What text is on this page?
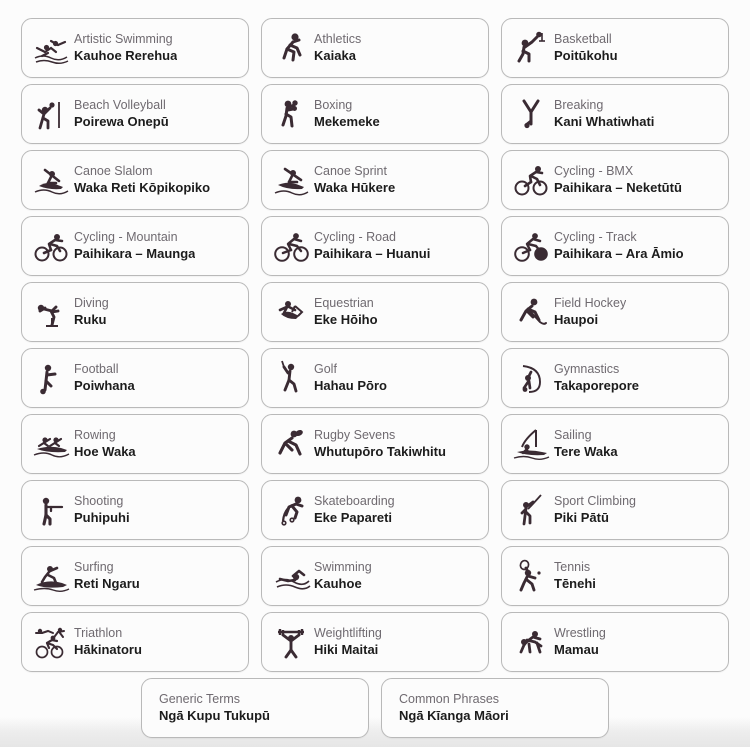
Artistic Swimming
Kauhoe Rerehua
Athletics
Kaiaka
Basketball
Poitūkohu
Beach Volleyball
Poirewa Onepū
Boxing
Mekemeke
Breaking
Kani Whatiwhati
Canoe Slalom
Waka Reti Kōpikopiko
Canoe Sprint
Waka Hūkere
Cycling - BMX
Paihikara – Neketūtū
Cycling - Mountain
Paihikara – Maunga
Cycling - Road
Paihikara – Huanui
Cycling - Track
Paihikara – Ara Āmio
Diving
Ruku
Equestrian
Eke Hōiho
Field Hockey
Haupoi
Football
Poiwhana
Golf
Hahau Pōro
Gymnastics
Takaporepore
Rowing
Hoe Waka
Rugby Sevens
Whutupōro Takiwhitu
Sailing
Tere Waka
Shooting
Puhipuhi
Skateboarding
Eke Papareti
Sport Climbing
Piki Pātū
Surfing
Reti Ngaru
Swimming
Kauhoe
Tennis
Tēnehi
Triathlon
Hākinatoru
Weightlifting
Hiki Maitai
Wrestling
Mamau
Generic Terms
Ngā Kupu Tukupū
Common Phrases
Ngā Kīanga Māori
